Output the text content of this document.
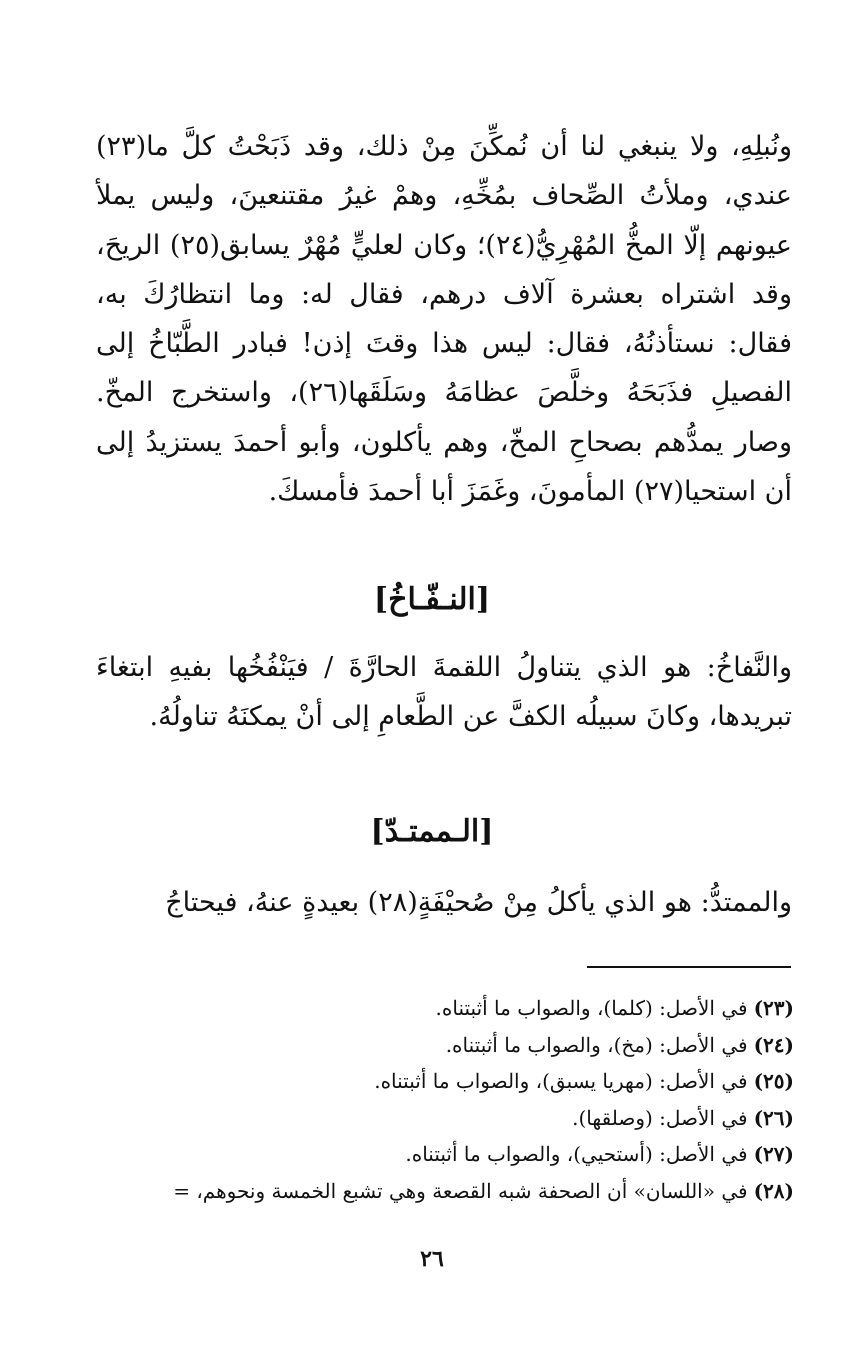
ونُبلِهِ، ولا ينبغي لنا أن نُمكِّنَ مِنْ ذلك، وقد ذَبَحْتُ كلَّ ما(٢٣) عندي، وملأتُ الصِّحاف بمُخِّهِ، وهمْ غيرُ مقتنعينَ، وليس يملأ عيونهم إلّا المخُّ المُهْرِيُّ(٢٤)؛ وكان لعليٍّ مُهْرٌ يسابق(٢٥) الريحَ، وقد اشتراه بعشرة آلاف درهم، فقال له: وما انتظارُكَ به، فقال: نستأذنُهُ، فقال: ليس هذا وقتَ إذن! فبادر الطَّبّاخُ إلى الفصيلِ فذَبَحَهُ وخلَّصَ عظامَهُ وسَلَقَها(٢٦)، واستخرج المخّ. وصار يمدُّهم بصحاحِ المخّ، وهم يأكلون، وأبو أحمدَ يستزيدُ إلى أن استحيا(٢٧) المأمونَ، وغَمَزَ أبا أحمدَ فأمسكَ.

[النـفّـاخُ]

والنَّفاخُ: هو الذي يتناولُ اللقمةَ الحارَّةَ / فيَنْفُخُها بفيهِ ابتغاءَ تبريدها، وكانَ سبيلُه الكفَّ عن الطَّعامِ إلى أنْ يمكنَهُ تناولُهُ.

[الـممتـدّ]

والممتدُّ: هو الذي يأكلُ مِنْ صُحيْفَةٍ(٢٨) بعيدةٍ عنهُ، فيحتاجُ

(٢٣)في الأصل: (كلما)، والصواب ما أثبتناه.
(٢٤)في الأصل: (مخ)، والصواب ما أثبتناه.
(٢٥)في الأصل: (مهريا يسبق)، والصواب ما أثبتناه.
(٢٦)في الأصل: (وصلقها).
(٢٧)في الأصل: (أستحيي)، والصواب ما أثبتناه.
(٢٨)في «اللسان» أن الصحفة شبه القصعة وهي تشبع الخمسة ونحوهم، =
٢٦
